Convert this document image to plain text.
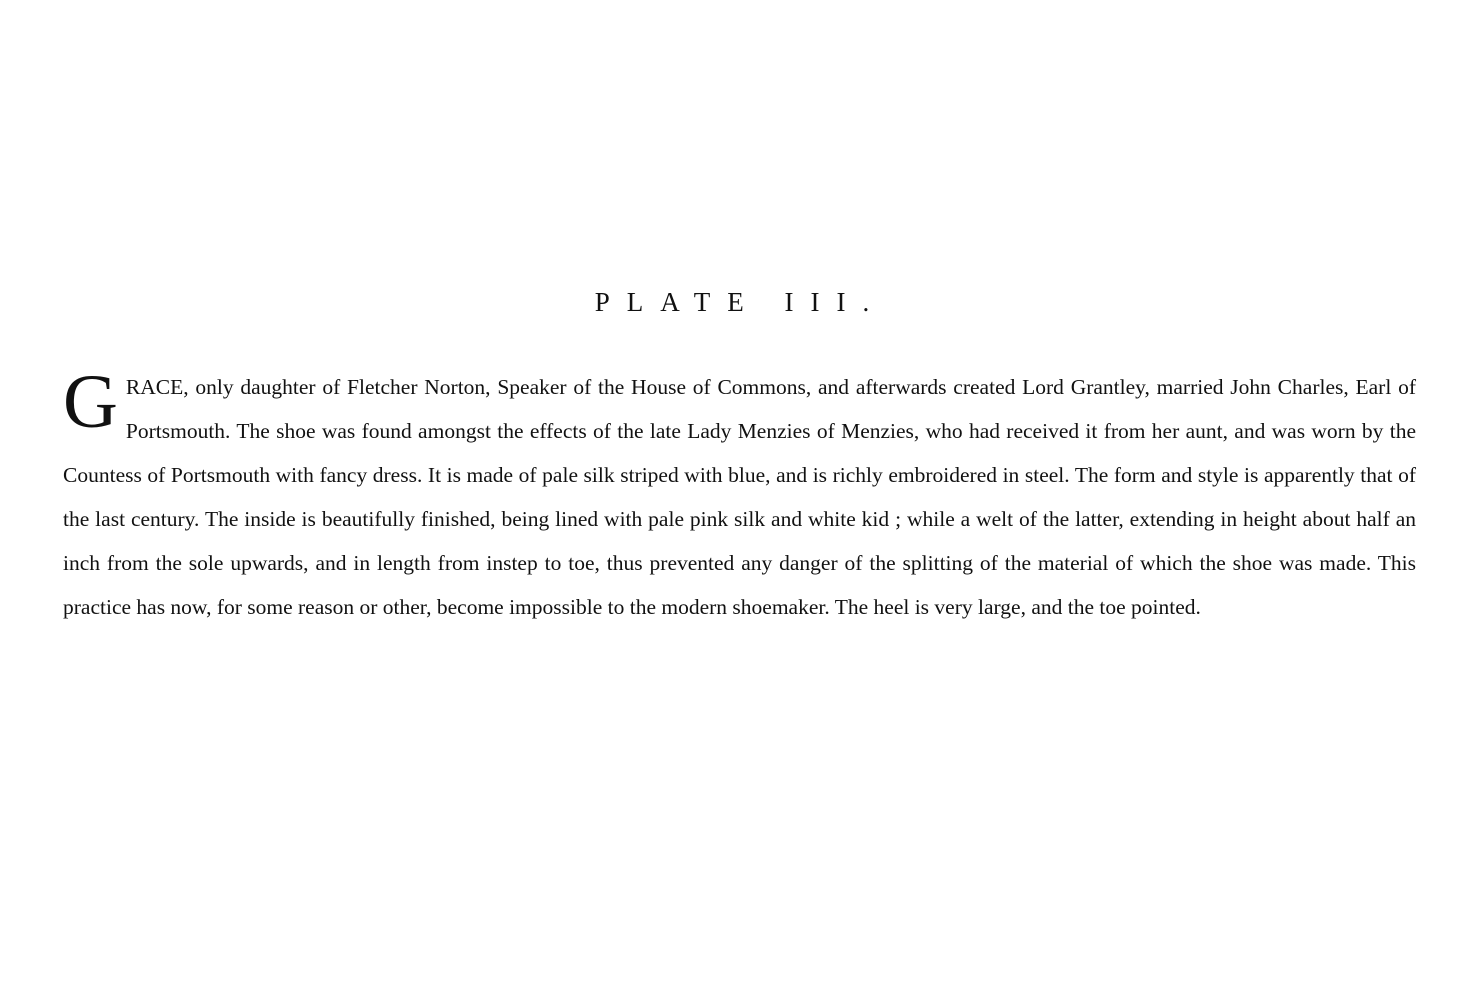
PLATE III.

G RACE, only daughter of Fletcher Norton, Speaker of the House of Commons, and afterwards created Lord Grantley, married John Charles, Earl of Portsmouth. The shoe was found amongst the effects of the late Lady Menzies of Menzies, who had received it from her aunt, and was worn by the Countess of Portsmouth with fancy dress. It is made of pale silk striped with blue, and is richly embroidered in steel. The form and style is apparently that of the last century. The inside is beautifully finished, being lined with pale pink silk and white kid ; while a welt of the latter, extending in height about half an inch from the sole upwards, and in length from instep to toe, thus prevented any danger of the splitting of the material of which the shoe was made. This practice has now, for some reason or other, become impossible to the modern shoemaker. The heel is very large, and the toe pointed.
